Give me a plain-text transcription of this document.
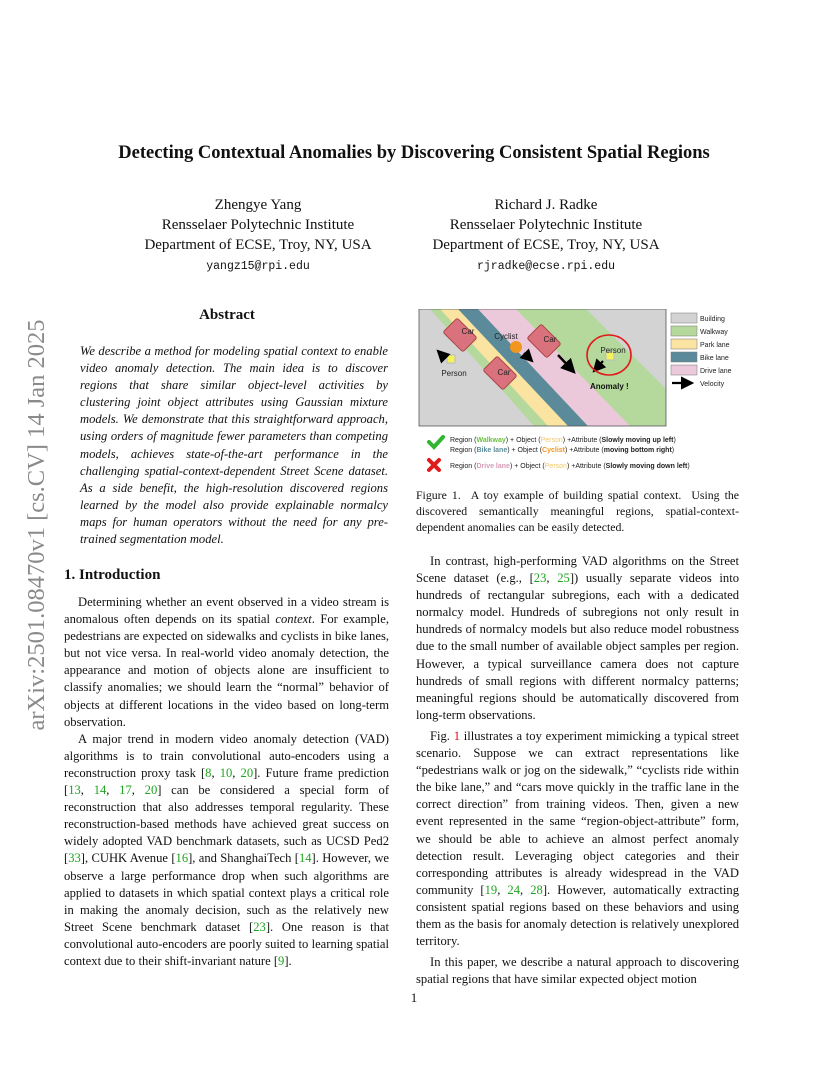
arXiv:2501.08470v1 [cs.CV] 14 Jan 2025
Detecting Contextual Anomalies by Discovering Consistent Spatial Regions
Zhengye Yang
Rensselaer Polytechnic Institute
Department of ECSE, Troy, NY, USA
yangz15@rpi.edu
Richard J. Radke
Rensselaer Polytechnic Institute
Department of ECSE, Troy, NY, USA
rjradke@ecse.rpi.edu
Abstract
We describe a method for modeling spatial context to enable video anomaly detection. The main idea is to discover regions that share similar object-level activities by clustering joint object attributes using Gaussian mixture models. We demonstrate that this straightforward approach, using orders of magnitude fewer parameters than competing models, achieves state-of-the-art performance in the challenging spatial-context-dependent Street Scene dataset. As a side benefit, the high-resolution discovered regions learned by the model also provide explainable normalcy maps for human operators without the need for any pre-trained segmentation model.
1. Introduction

Determining whether an event observed in a video stream is anomalous often depends on its spatial context. For example, pedestrians are expected on sidewalks and cyclists in bike lanes, but not vice versa. In real-world video anomaly detection, the appearance and motion of objects alone are insufficient to classify anomalies; we should learn the “normal” behavior of objects at different locations in the video based on long-term observation.

A major trend in modern video anomaly detection (VAD) algorithms is to train convolutional auto-encoders using a reconstruction proxy task [8, 10, 20]. Future frame prediction [13, 14, 17, 20] can be considered a special form of reconstruction that also addresses temporal regularity. These reconstruction-based methods have achieved great success on widely adopted VAD benchmark datasets, such as UCSD Ped2 [33], CUHK Avenue [16], and ShanghaiTech [14]. However, we observe a large performance drop when such algorithms are applied to datasets in which spatial context plays a critical role in making the anomaly decision, such as the relatively new Street Scene benchmark dataset [23]. One reason is that convolutional auto-encoders are poorly suited to learning spatial context due to their shift-invariant nature [9].

Car
Car
Car
Cyclist
Person
Person
Anomaly !
Building
Walkway
Park lane
Bike lane
Drive lane
Velocity
Region (Walkway) + Object (Person) +Attribute (Slowly moving up left)
Region (Bike lane) + Object (Cyclist) +Attribute (moving bottom right)
Region (Drive lane) + Object (Person) +Attribute (Slowly moving down left)
Figure 1.  A toy example of building spatial context.  Using the discovered semantically meaningful regions, spatial-context-dependent anomalies can be easily detected.

In contrast, high-performing VAD algorithms on the Street Scene dataset (e.g., [23, 25]) usually separate videos into hundreds of rectangular subregions, each with a dedicated normalcy model. Hundreds of subregions not only result in hundreds of normalcy models but also reduce model robustness due to the small number of available object samples per region. However, a typical surveillance camera does not capture hundreds of small regions with different normalcy patterns; meaningful regions should be automatically discovered from long-term observations.

Fig. 1 illustrates a toy experiment mimicking a typical street scenario. Suppose we can extract representations like “pedestrians walk or jog on the sidewalk,” “cyclists ride within the bike lane,” and “cars move quickly in the traffic lane in the correct direction” from training videos. Then, given a new event represented in the same “region-object-attribute” form, we should be able to achieve an almost perfect anomaly detection result. Leveraging object categories and their corresponding attributes is already widespread in the VAD community [19, 24, 28]. However, automatically extracting consistent spatial regions based on these behaviors and using them as the basis for anomaly detection is relatively unexplored territory.

In this paper, we describe a natural approach to discovering spatial regions that have similar expected object motion

1
